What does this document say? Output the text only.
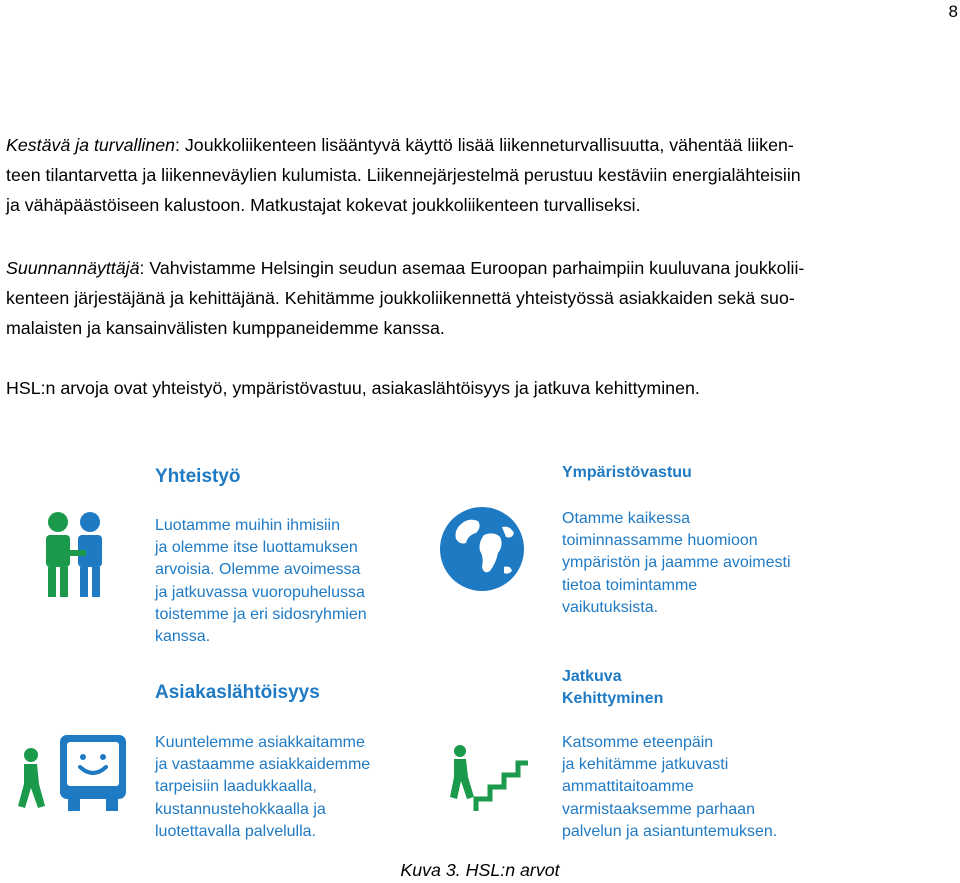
8

Kestävä ja turvallinen: Joukkoliikenteen lisääntyvä käyttö lisää liikenneturvallisuutta, vähentää liiken-
teen tilantarvetta ja liikenneväylien kulumista. Liikennejärjestelmä perustuu kestäviin energialähteisiin
ja vähäpäästöiseen kalustoon. Matkustajat kokevat joukkoliikenteen turvalliseksi.

Suunnannäyttäjä: Vahvistamme Helsingin seudun asemaa Euroopan parhaimpiin kuuluvana joukkolii-
kenteen järjestäjänä ja kehittäjänä. Kehitämme joukkoliikennettä yhteistyössä asiakkaiden sekä suo-
malaisten ja kansainvälisten kumppaneidemme kanssa.

HSL:n arvoja ovat yhteistyö, ympäristövastuu, asiakaslähtöisyys ja jatkuva kehittyminen.

Yhteistyö

Luotamme muihin ihmisiin
ja olemme itse luottamuksen
arvoisia. Olemme avoimessa
ja jatkuvassa vuoropuhelussa
toistemme ja eri sidosryhmien
kanssa.

Ympäristövastuu

Otamme kaikessa
toiminnassamme huomioon
ympäristön ja jaamme avoimesti
tietoa toimintamme
vaikutuksista.

Asiakaslähtöisyys

Kuuntelemme asiakkaitamme
ja vastaamme asiakkaidemme
tarpeisiin laadukkaalla,
kustannustehokkaalla ja
luotettavalla palvelulla.

Jatkuva
Kehittyminen

Katsomme eteenpäin
ja kehitämme jatkuvasti
ammattitaitoamme
varmistaaksemme parhaan
palvelun ja asiantuntemuksen.

Kuva 3. HSL:n arvot
